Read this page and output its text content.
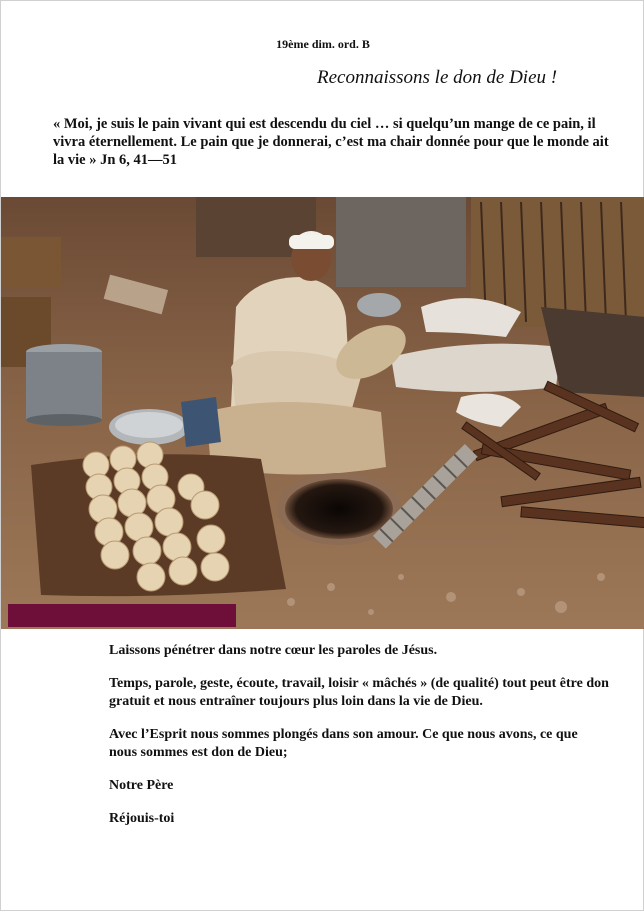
19ème dim. ord. B
Reconnaissons le don de Dieu !
« Moi, je suis le pain vivant qui est descendu du ciel … si quelqu’un mange de ce pain, il vivra éternellement. Le pain que je donnerai, c’est ma chair donnée pour que le monde ait la vie » Jn 6, 41—51

Laissons pénétrer dans notre cœur les paroles de Jésus.

Temps, parole, geste, écoute, travail, loisir « mâchés » (de qualité) tout peut être don gratuit et nous entraîner toujours plus loin dans la vie de Dieu.

Avec l’Esprit nous sommes plongés dans son amour. Ce que nous avons, ce que nous sommes est don de Dieu;

Notre Père

Réjouis-toi
